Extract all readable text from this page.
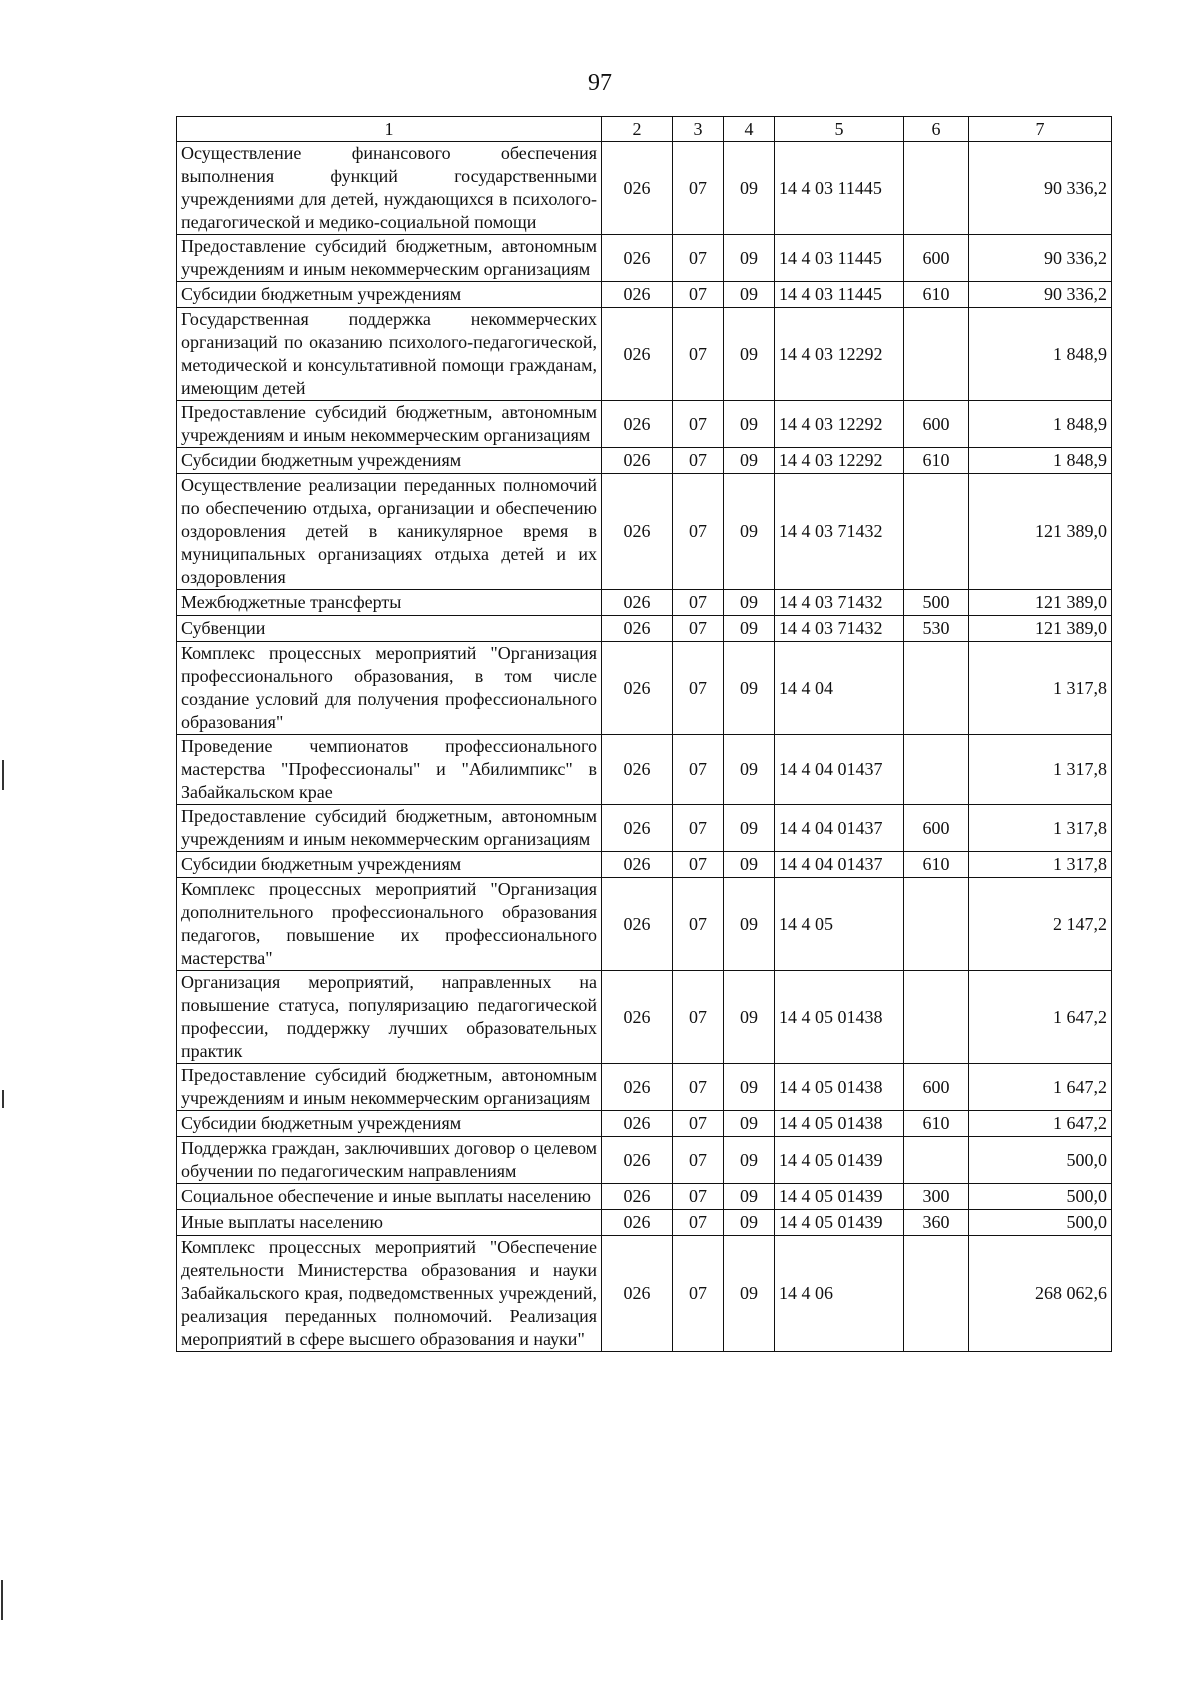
97
1	2	3	4	5	6	7
Осуществление финансового обеспечения выполнения функций государственными учреждениями для детей, нуждающихся в психолого-педагогической и медико-социальной помощи	026	07	09	14 4 03 11445		90 336,2
Предоставление субсидий бюджетным, автономным учреждениям и иным некоммерческим организациям	026	07	09	14 4 03 11445	600	90 336,2
Субсидии бюджетным учреждениям	026	07	09	14 4 03 11445	610	90 336,2
Государственная поддержка некоммерческих организаций по оказанию психолого-педагогической, методической и консультативной помощи гражданам, имеющим детей	026	07	09	14 4 03 12292		1 848,9
Предоставление субсидий бюджетным, автономным учреждениям и иным некоммерческим организациям	026	07	09	14 4 03 12292	600	1 848,9
Субсидии бюджетным учреждениям	026	07	09	14 4 03 12292	610	1 848,9
Осуществление реализации переданных полномочий по обеспечению отдыха, организации и обеспечению оздоровления детей в каникулярное время в муниципальных организациях отдыха детей и их оздоровления	026	07	09	14 4 03 71432		121 389,0
Межбюджетные трансферты	026	07	09	14 4 03 71432	500	121 389,0
Субвенции	026	07	09	14 4 03 71432	530	121 389,0
Комплекс процессных мероприятий "Организация профессионального образования, в том числе создание условий для получения профессионального образования"	026	07	09	14 4 04		1 317,8
Проведение чемпионатов профессионального мастерства "Профессионалы" и "Абилимпикс" в Забайкальском крае	026	07	09	14 4 04 01437		1 317,8
Предоставление субсидий бюджетным, автономным учреждениям и иным некоммерческим организациям	026	07	09	14 4 04 01437	600	1 317,8
Субсидии бюджетным учреждениям	026	07	09	14 4 04 01437	610	1 317,8
Комплекс процессных мероприятий "Организация дополнительного профессионального образования педагогов, повышение их профессионального мастерства"	026	07	09	14 4 05		2 147,2
Организация мероприятий, направленных на повышение статуса, популяризацию педагогической профессии, поддержку лучших образовательных практик	026	07	09	14 4 05 01438		1 647,2
Предоставление субсидий бюджетным, автономным учреждениям и иным некоммерческим организациям	026	07	09	14 4 05 01438	600	1 647,2
Субсидии бюджетным учреждениям	026	07	09	14 4 05 01438	610	1 647,2
Поддержка граждан, заключивших договор о целевом обучении по педагогическим направлениям	026	07	09	14 4 05 01439		500,0
Социальное обеспечение и иные выплаты населению	026	07	09	14 4 05 01439	300	500,0
Иные выплаты населению	026	07	09	14 4 05 01439	360	500,0
Комплекс процессных мероприятий "Обеспечение деятельности Министерства образования и науки Забайкальского края, подведомственных учреждений, реализация переданных полномочий. Реализация мероприятий в сфере высшего образования и науки"	026	07	09	14 4 06		268 062,6
